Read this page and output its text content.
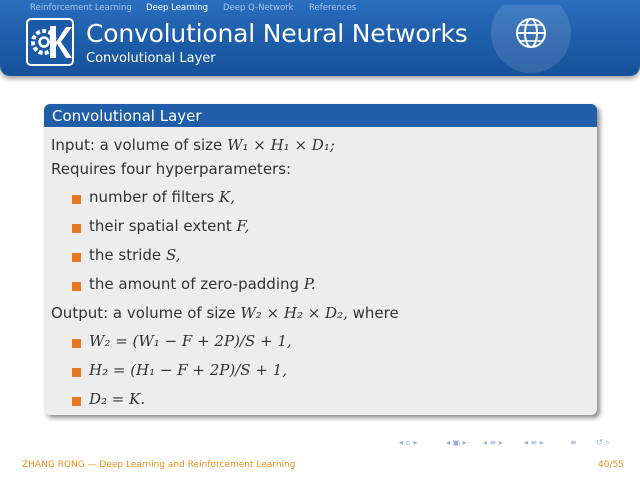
Reinforcement Learning Deep Learning Deep Q-Network References
Convolutional Neural Networks
Convolutional Layer
Convolutional Layer
Input: a volume of size W₁ × H₁ × D₁;
Requires four hyperparameters:
number of filters K,
their spatial extent F,
the stride S,
the amount of zero-padding P.
Output: a volume of size W₂ × H₂ × D₂, where
W₂ = (W₁ − F + 2P)/S + 1,
H₂ = (H₁ − F + 2P)/S + 1,
D₂ = K.
◂ ▫ ▸	◂ ▣ ▸ ◂ ≡ ▸	◂ ≡ ▸	≡ ↺ ⌕
ZHANG RONG — Deep Learning and Reinforcement Learning	40/55
